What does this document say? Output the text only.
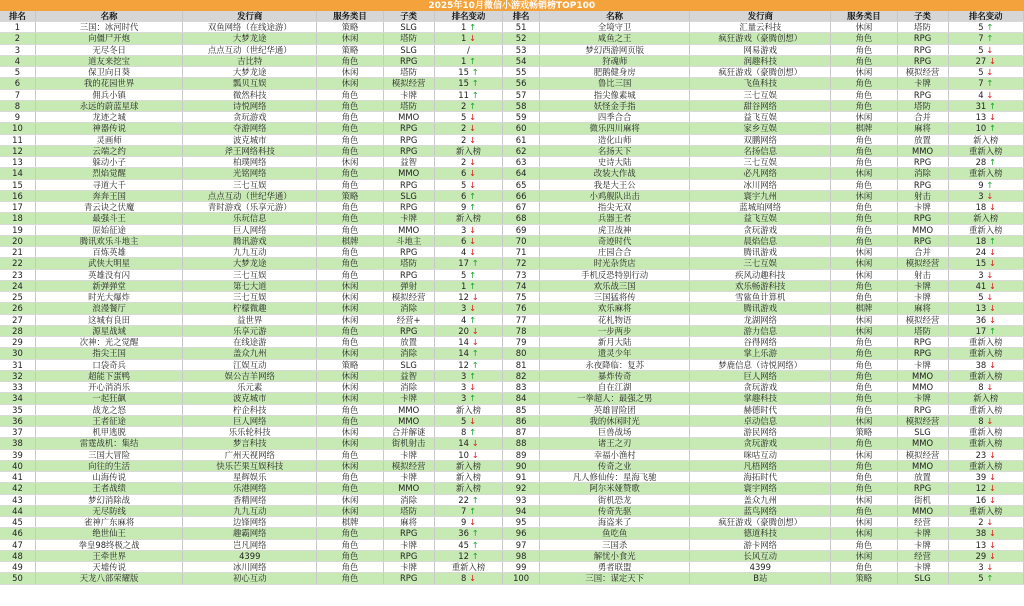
2025年10月微信小游戏畅销榜TOP100											
排名	名称	发行商	服务类目	子类	排名变动	排名	名称	发行商	服务类目	子类	排名变动
1	三国：冰河时代	双鱼网络（在线途游）	策略	SLG	1 ↑	51	全境守卫	汇量云科技	休闲	塔防	5 ↑
2	向僵尸开炮	大梦龙途	休闲	塔防	1 ↓	52	咸鱼之王	疯狂游戏（豪腾创想）	角色	RPG	7 ↑
3	无尽冬日	点点互动（世纪华通）	策略	SLG	/	53	梦幻西游网页版	网易游戏	角色	RPG	5 ↓
4	道友来挖宝	吉比特	角色	RPG	1 ↑	54	狩魂师	润趣科技	角色	RPG	27 ↓
5	保卫向日葵	大梦龙途	休闲	塔防	15 ↑	55	肥鹅健身房	疯狂游戏（豪腾创想）	休闲	模拟经营	5 ↓
6	我的花园世界	瓢贝互娱	休闲	模拟经营	15 ↑	56	鲁比三国	飞鱼科技	角色	卡牌	7 ↑
7	佣兵小镇	微然科技	角色	卡牌	11 ↑	57	指尖像素城	三七互娱	角色	RPG	4 ↓
8	永远的蔚蓝星球	诗悦网络	角色	塔防	2 ↑	58	妖怪金手指	甜谷网络	角色	塔防	31 ↑
9	龙迹之城	贪玩游戏	角色	MMO	5 ↓	59	四季合合	益飞互娱	休闲	合并	13 ↓
10	神器传说	夺游网络	角色	RPG	2 ↓	60	微乐四川麻将	家乡互娱	棋牌	麻将	10 ↑
11	灵画师	波克城市	角色	RPG	2 ↓	61	造化山师	双鹏网络	角色	放置	新入榜
12	云端之约	斧王网络科技	角色	RPG	新入榜	62	名扬天下	名扬信息	角色	MMO	重新入榜
13	躲动小子	柏璞网络	休闲	益智	2 ↓	63	史诗大陆	三七互娱	角色	RPG	28 ↑
14	烈焰觉醒	光铭网络	角色	MMO	6 ↓	64	改装大作战	必凡网络	休闲	消除	重新入榜
15	寻道大千	三七互娱	角色	RPG	5 ↓	65	我是大王公	冰川网络	角色	RPG	9 ↑
16	奔奔王国	点点互动（世纪华通）	策略	SLG	6 ↑	66	小鸡舰队出击	寰宇九州	休闲	射击	3 ↓
17	青云诀之伏魔	青时游戏（乐享元游）	角色	RPG	9 ↑	67	指尖无双	蓝城珀网络	角色	卡牌	18 ↓
18	最强斗王	乐玩信息	角色	卡牌	新入榜	68	兵器王者	益飞互娱	角色	RPG	新入榜
19	原始征途	巨人网络	角色	MMO	3 ↓	69	虎卫战神	贪玩游戏	角色	MMO	重新入榜
20	腾讯欢乐斗地主	腾讯游戏	棋牌	斗地主	6 ↓	70	奇迹时代	晨焰信息	角色	RPG	18 ↑
21	百炼英雄	九九互动	角色	RPG	4 ↓	71	庄园合合	腾讯游戏	休闲	合并	24 ↓
22	武侠大明星	大梦龙途	角色	塔防	17 ↑	72	时光杂货店	三七互娱	休闲	模拟经营	15 ↓
23	英雄没有闪	三七互娱	角色	RPG	5 ↑	73	手机反恐特别行动	疾风动趣科技	休闲	射击	3 ↓
24	新弹弹堂	第七大道	休闲	弹射	1 ↑	74	欢乐战三国	欢乐畅游科技	角色	卡牌	41 ↓
25	时光大爆炸	三七互娱	休闲	模拟经营	12 ↓	75	三国猛将传	雪鲨鱼计算机	角色	卡牌	5 ↓
26	浪漫餐厅	柠檬微趣	休闲	消除	3 ↓	76	欢乐麻将	腾讯游戏	棋牌	麻将	13 ↓
27	这城有良田	益世界	休闲	经营+	4 ↑	77	花札物语	龙湖网络	休闲	模拟经营	36 ↓
28	源星战域	乐享元游	角色	RPG	20 ↓	78	一步两步	游力信息	休闲	塔防	17 ↑
29	次神：光之觉醒	在线途游	角色	放置	14 ↓	79	新月大陆	谷得网络	角色	RPG	重新入榜
30	指尖王国	盖众九州	休闲	消除	14 ↑	80	遗灵少年	掌上乐游	角色	RPG	重新入榜
31	口袋奇兵	江娱互动	策略	SLG	12 ↑	81	永夜降临：复苏	梦鹿信息（诗悦网络）	角色	卡牌	38 ↓
32	超能下蛋鸭	娱公吉羊网络	休闲	益智	3 ↑	82	暴炸传奇	巨人网络	角色	MMO	重新入榜
33	开心消消乐	乐元素	休闲	消除	3 ↓	83	自在江湖	贪玩游戏	角色	MMO	8 ↓
34	一起狂飙	波克城市	休闲	卡牌	3 ↑	84	一拳超人：最强之男	掌趣科技	角色	卡牌	新入榜
35	战龙之怒	柠企科技	角色	MMO	新入榜	85	英雄冒险团	赫德时代	角色	RPG	重新入榜
36	王者征途	巨人网络	角色	MMO	5 ↓	86	我的休闲时光	卓动信息	休闲	模拟经营	8 ↓
37	机甲逃脱	乐乐轮科技	休闲	合并解谜	8 ↑	87	巨兽战场	游民网络	策略	SLG	重新入榜
38	雷霆战机：集结	梦言科技	休闲	街机射击	14 ↓	88	诸王之刃	贪玩游戏	角色	MMO	重新入榜
39	三国大冒险	广州天视网络	角色	卡牌	10 ↓	89	幸福小渔村	咪咕互动	休闲	模拟经营	23 ↓
40	向往的生活	快乐芒果互娱科技	休闲	模拟经营	新入榜	90	传奇之业	凡梧网络	角色	MMO	重新入榜
41	山海传说	星辉娱乐	角色	卡牌	新入榜	91	凡人修仙传：星海飞驰	海拓时代	角色	放置	39 ↓
42	王者战绩	乐港网络	角色	MMO	新入榜	92	阿尔米娅赞歌	寰宇网络	角色	RPG	12 ↓
43	梦幻消除战	香精网络	休闲	消除	22 ↑	93	街机恐龙	盖众九州	休闲	街机	16 ↓
44	无尽防线	九九互动	休闲	塔防	7 ↑	94	传奇先驱	蓝鸟网络	角色	MMO	重新入榜
45	雀神广东麻将	边锋网络	棋牌	麻将	9 ↓	95	海盗来了	疯狂游戏（豪腾创想）	休闲	经营	2 ↓
46	绝世仙王	趣霸网络	角色	RPG	36 ↑	96	鱼吃鱼	德道科技	休闲	卡牌	38 ↓
47	拳皇98终极之战	岂凡网络	角色	卡牌	45 ↑	97	三国杀	游卡网络	角色	卡牌	13 ↓
48	王牵世界	4399	角色	RPG	12 ↑	98	解忧小食光	长风互动	休闲	经营	29 ↓
49	天墟传说	冰川网络	角色	卡牌	重新入榜	99	勇者联盟	4399	角色	卡牌	3 ↓
50	天龙八部荣耀版	初心互动	角色	RPG	8 ↓	100	三国：谋定天下	B站	策略	SLG	5 ↑
